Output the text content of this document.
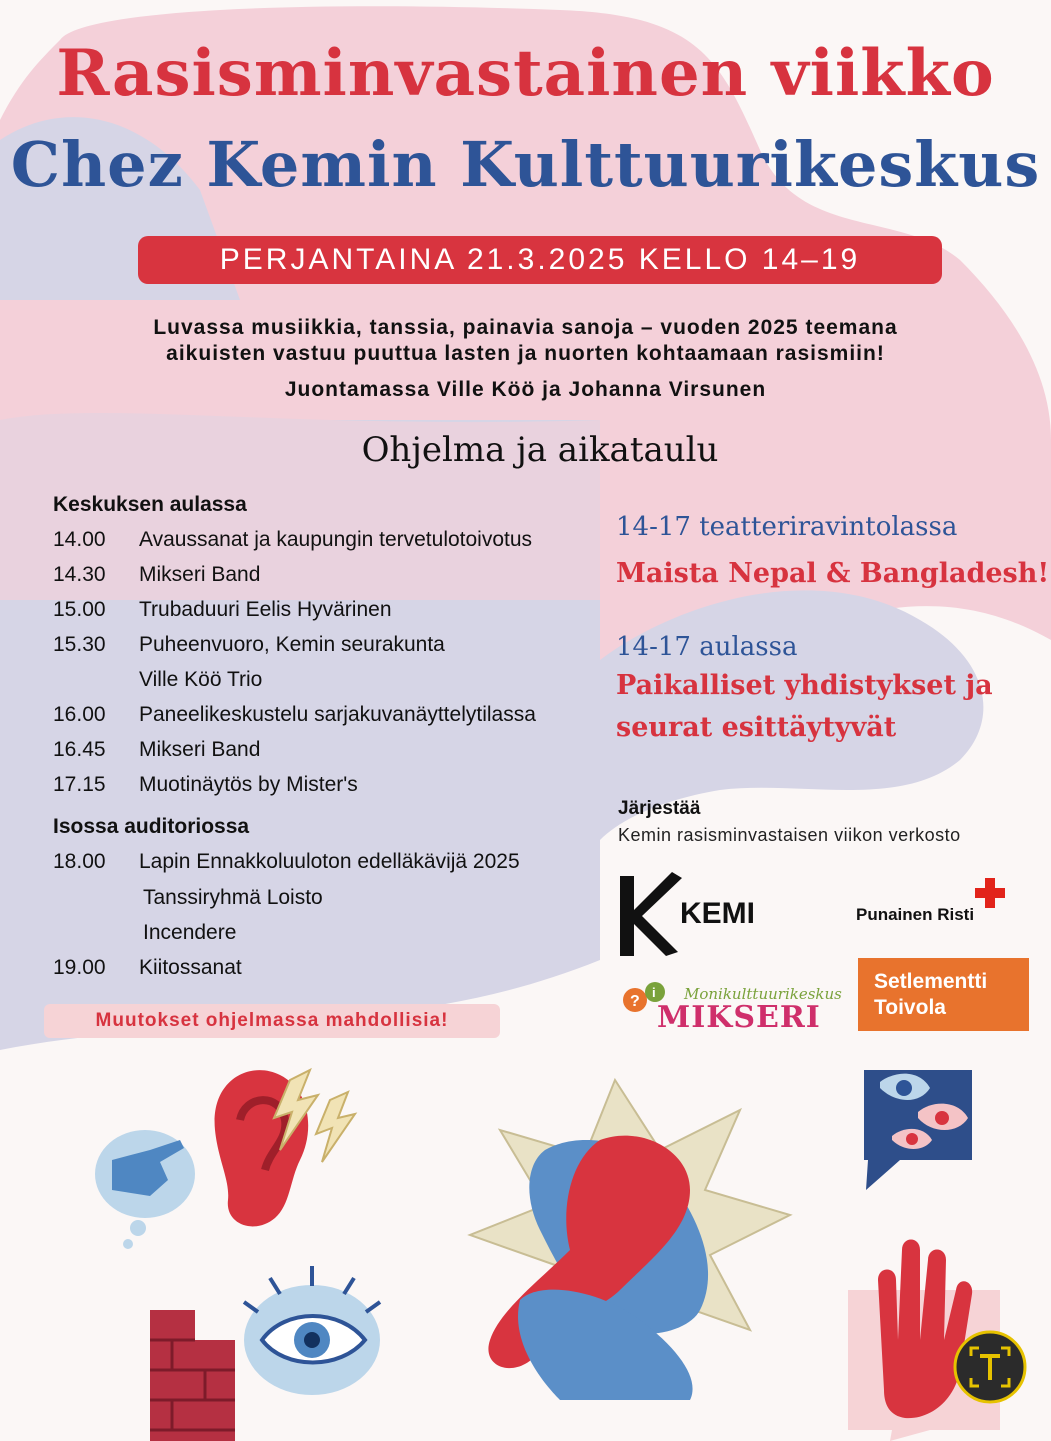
Rasisminvastainen viikko
Chez Kemin Kulttuurikeskus
PERJANTAINA 21.3.2025 KELLO 14–19
Luvassa musiikkia, tanssia, painavia sanoja – vuoden 2025 teemana
aikuisten vastuu puuttua lasten ja nuorten kohtaamaan rasismiin!
Juontamassa Ville Köö ja Johanna Virsunen
Ohjelma ja aikataulu
Keskuksen aulassa
14.00 Avaussanat ja kaupungin tervetulotoivotus
14.30 Mikseri Band
15.00 Trubaduuri Eelis Hyvärinen
15.30 Puheenvuoro, Kemin seurakunta
Ville Köö Trio
16.00 Paneelikeskustelu sarjakuvanäyttelytilassa
16.45 Mikseri Band
17.15 Muotinäytös by Mister's
Isossa auditoriossa
18.00 Lapin Ennakkoluuloton edelläkävijä 2025
Tanssiryhmä Loisto
Incendere
19.00 Kiitossanat
Muutokset ohjelmassa mahdollisia!
14-17 teatteriravintolassa
Maista Nepal & Bangladesh!
14-17 aulassa
Paikalliset yhdistykset ja
seurat esittäytyvät
Järjestää
Kemin rasisminvastaisen viikon verkosto
KEMI	Punainen Risti
?
i Monikulttuurikeskus
MIKSERI
Setlementti
Toivola
